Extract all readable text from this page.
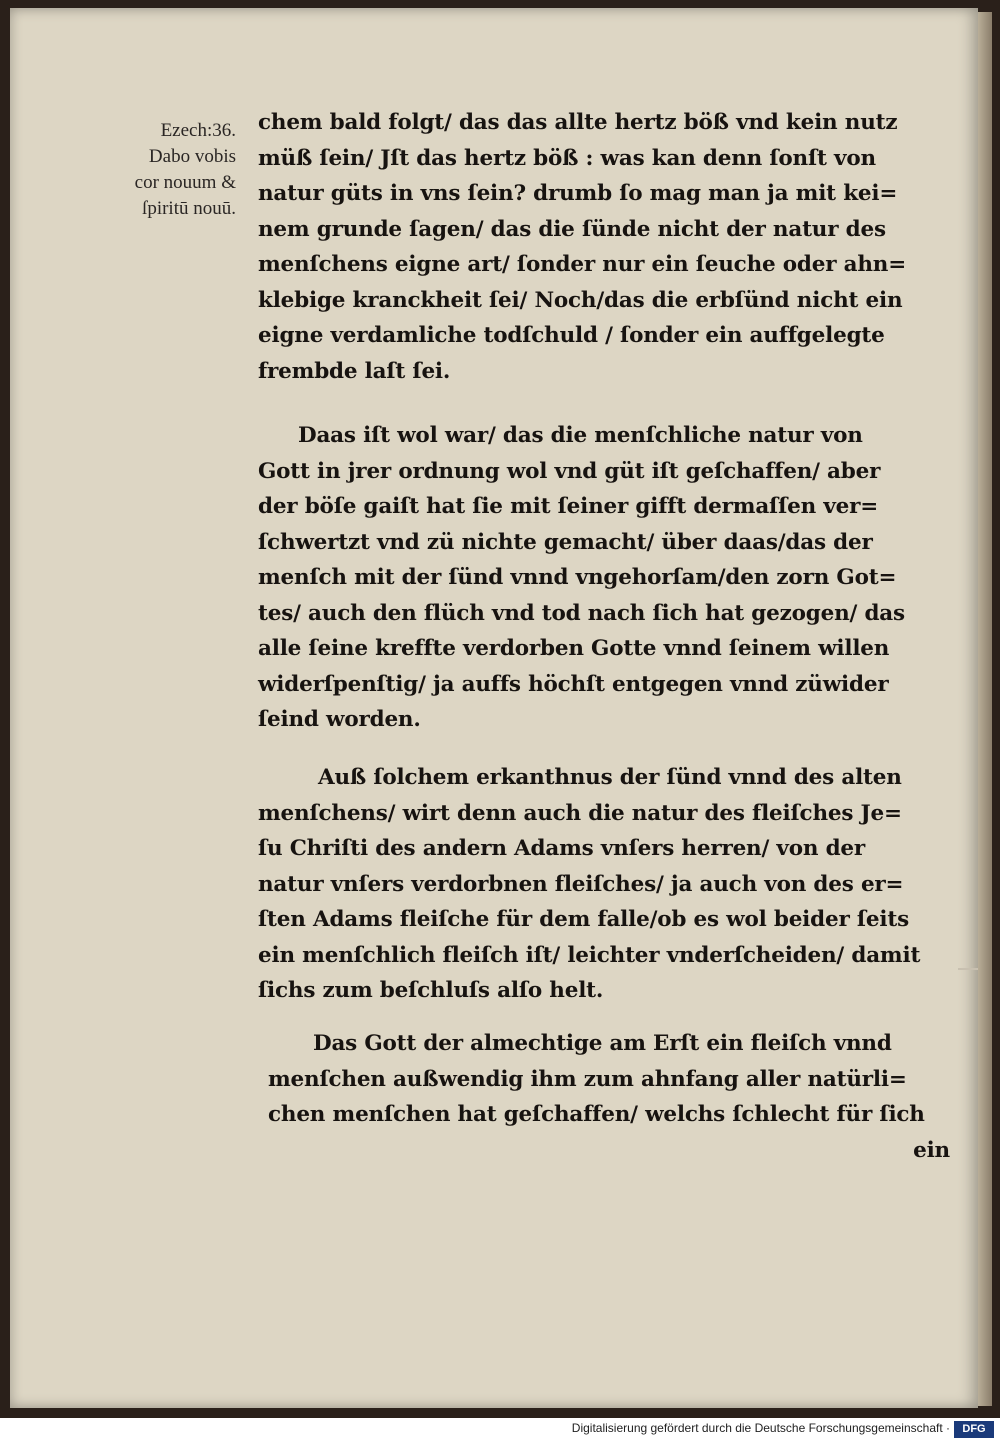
Ezech:36.
Dabo vobis
cor nouum &
ſpiritū nouū.
chem bald folgt/ das das allte hertz böß vnd kein nutz
müß ſein/ Jſt das hertz böß : was kan denn ſonſt von
natur güts in vns ſein? drumb ſo mag man ja mit kei=
nem grunde ſagen/ das die ſünde nicht der natur des
menſchens eigne art/ ſonder nur ein ſeuche oder ahn=
klebige kranckheit ſei/ Noch/das die erbſünd nicht ein
eigne verdamliche todſchuld / ſonder ein auffgelegte
frembde laſt ſei.
Daas iſt wol war/ das die menſchliche natur von
Gott in jrer ordnung wol vnd güt iſt geſchaffen/ aber
der böſe gaiſt hat ſie mit ſeiner gifft dermaſſen ver=
ſchwertzt vnd zü nichte gemacht/ über daas/das der
menſch mit der ſünd vnnd vngehorſam/den zorn Got=
tes/ auch den flüch vnd tod nach ſich hat gezogen/ das
alle ſeine krefftе verdorben Gotte vnnd ſeinem willen
widerſpenſtig/ ja auffs höchſt entgegen vnnd züwider
ſeind worden.
Auß ſolchem erkanthnus der ſünd vnnd des alten
menſchens/ wirt denn auch die natur des fleiſches Je=
ſu Chriſti des andern Adams vnſers herren/ von der
natur vnſers verdorbnen fleiſches/ ja auch von des er=
ſten Adams fleiſche für dem falle/ob es wol beider ſeits
ein menſchlich fleiſch iſt/ leichter vnderſcheiden/ damit
ſichs zum beſchluſs alſo helt.
Das Gott der almechtige am Erſt ein fleiſch vnnd
menſchen außwendig ihm zum ahnfang aller natürli=
chen menſchen hat geſchaffen/ welchs ſchlecht für ſich
ein
Digitalisierung gefördert durch die Deutsche Forschungsgemeinschaft ·	DFG
